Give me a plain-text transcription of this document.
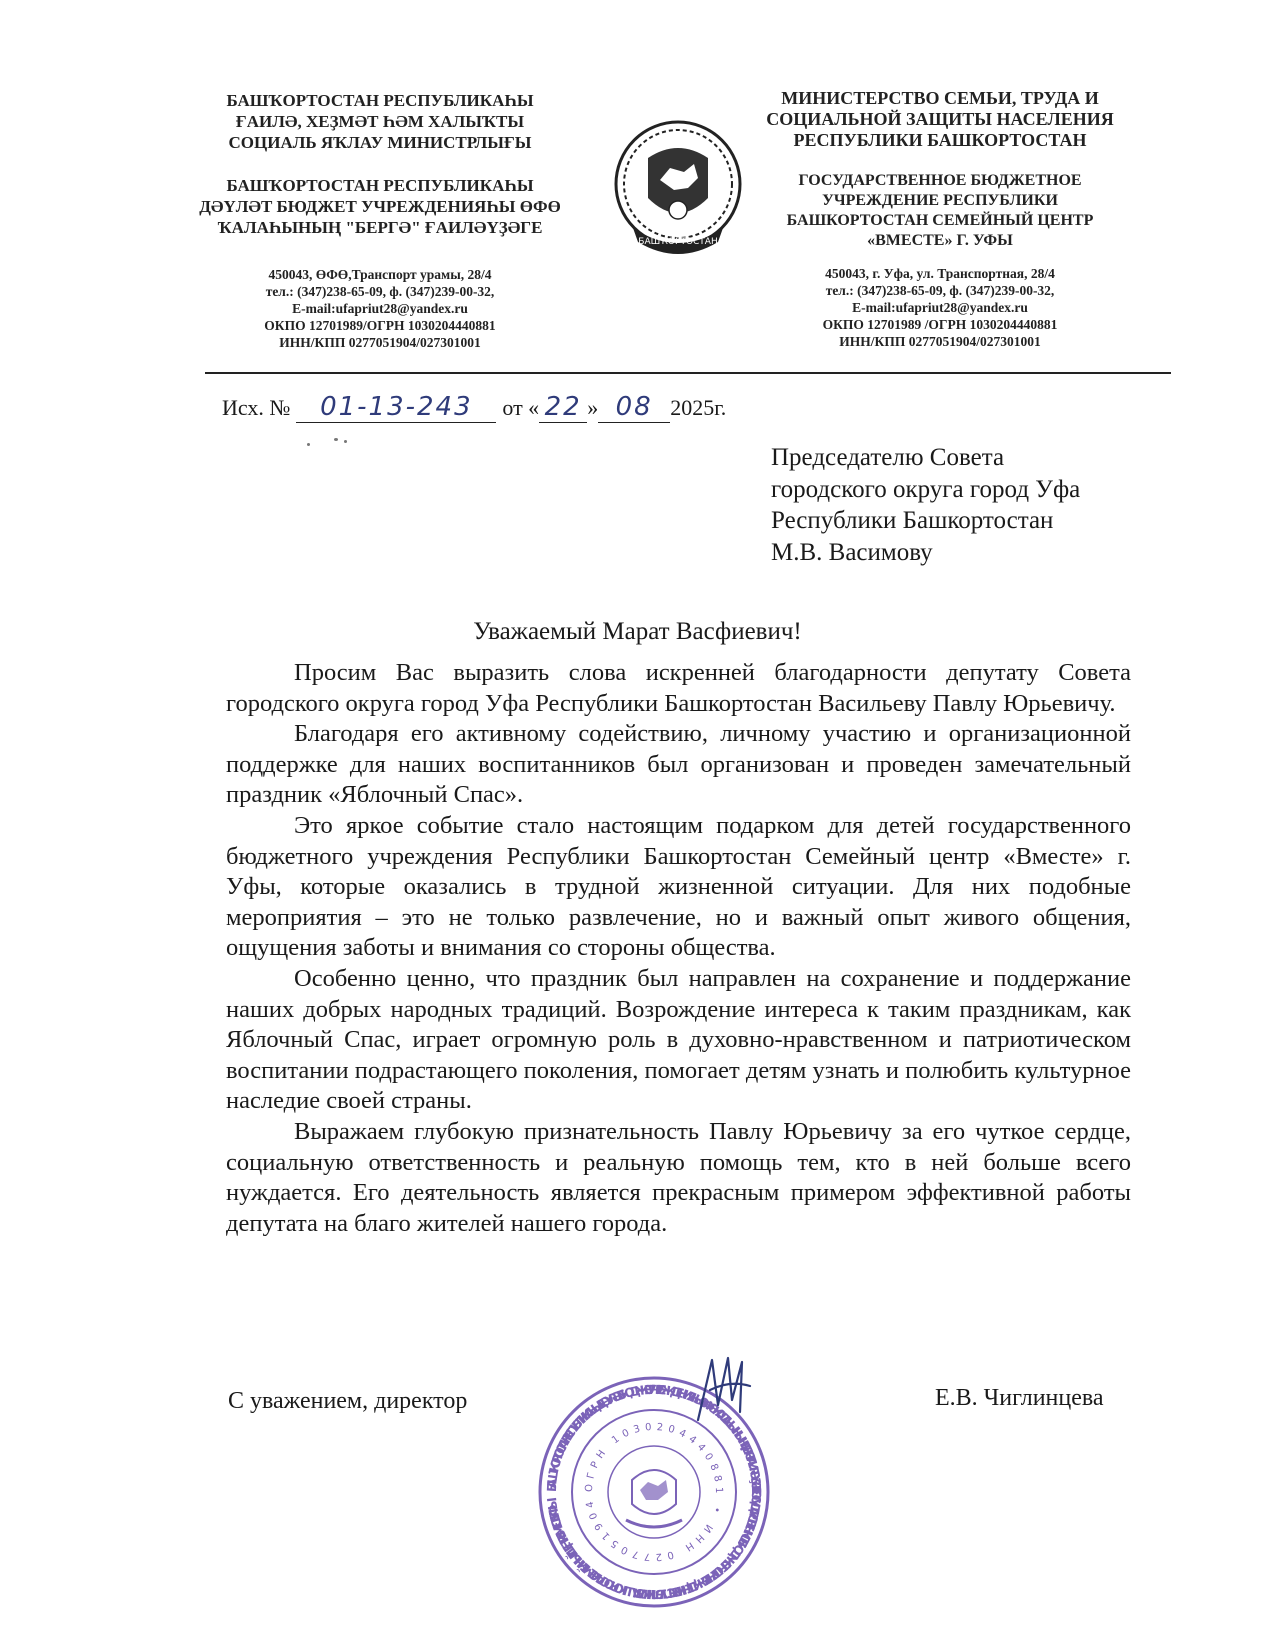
БАШҠОРТОСТАН РЕСПУБЛИКАҺЫ

ҒАИЛӘ, ХЕҘМӘТ ҺӘМ ХАЛЫҠТЫ

СОЦИАЛЬ ЯҠЛАУ МИНИСТРЛЫҒЫ

БАШҠОРТОСТАН РЕСПУБЛИКАҺЫ

ДӘҮЛӘТ БЮДЖЕТ УЧРЕЖДЕНИЯҺЫ ӨФӨ

ҠАЛАҺЫНЫҢ "БЕРГӘ" ҒАИЛӘҮҘӘГЕ

450043, ӨФӨ,Транспорт урамы, 28/4

тел.: (347)238-65-09, ф. (347)239-00-32,

E-mail:ufapriut28@yandex.ru

ОКПО 12701989/ОГРН 1030204440881

ИНН/КПП 0277051904/027301001

БАШҠОРТОСТАН

МИНИСТЕРСТВО СЕМЬИ, ТРУДА И

СОЦИАЛЬНОЙ ЗАЩИТЫ НАСЕЛЕНИЯ

РЕСПУБЛИКИ БАШКОРТОСТАН

ГОСУДАРСТВЕННОЕ БЮДЖЕТНОЕ

УЧРЕЖДЕНИЕ РЕСПУБЛИКИ

БАШКОРТОСТАН СЕМЕЙНЫЙ ЦЕНТР

«ВМЕСТЕ» Г. УФЫ

450043, г. Уфа, ул. Транспортная, 28/4

тел.: (347)238-65-09, ф. (347)239-00-32,

E-mail:ufapriut28@yandex.ru

ОКПО 12701989 /ОГРН 1030204440881

ИНН/КПП 0277051904/027301001

Исх. №	01-13-243	от « 22 » 08 2025г.
Председателю Совета
городского округа город Уфа
Республики Башкортостан
М.В. Васимову
Уважаемый Марат Васфиевич!

Просим Вас выразить слова искренней благодарности депутату Совета городского округа город Уфа Республики Башкортостан Васильеву Павлу Юрьевичу.

Благодаря его активному содействию, личному участию и организационной поддержке для наших воспитанников был организован и проведен замечательный праздник «Яблочный Спас».

Это яркое событие стало настоящим подарком для детей государственного бюджетного учреждения Республики Башкортостан Семейный центр «Вместе» г. Уфы, которые оказались в трудной жизненной ситуации. Для них подобные мероприятия – это не только развлечение, но и важный опыт живого общения, ощущения заботы и внимания со стороны общества.

Особенно ценно, что праздник был направлен на сохранение и поддержание наших добрых народных традиций. Возрождение интереса к таким праздникам, как Яблочный Спас, играет огромную роль в духовно-нравственном и патриотическом воспитании подрастающего поколения, помогает детям узнать и полюбить культурное наследие своей страны.

Выражаем глубокую признательность Павлу Юрьевичу за его чуткое сердце, социальную ответственность и реальную помощь тем, кто в ней больше всего нуждается. Его деятельность является прекрасным примером эффективной работы депутата на благо жителей нашего города.

С уважением, директор	Е.В. Чиглинцева
БАШҠОРТОСТАН РЕСПУБЛИКАҺЫ ДӘҮЛӘТ БЮДЖЕТ УЧРЕЖДЕНИЯҺЫ ӨФӨ ҠАЛАҺЫНЫҢ "БЕРГӘ" ҒАИЛӘҮҘӘГЕ • ГОСУДАРСТВЕННОЕ БЮДЖЕТНОЕ УЧРЕЖДЕНИЕ РЕСПУБЛИКИ БАШКОРТОСТАН СЕМЕЙНЫЙ ЦЕНТР «ВМЕСТЕ» Г. УФЫ
ОГРН 1030204440881 • ИНН 0277051904
